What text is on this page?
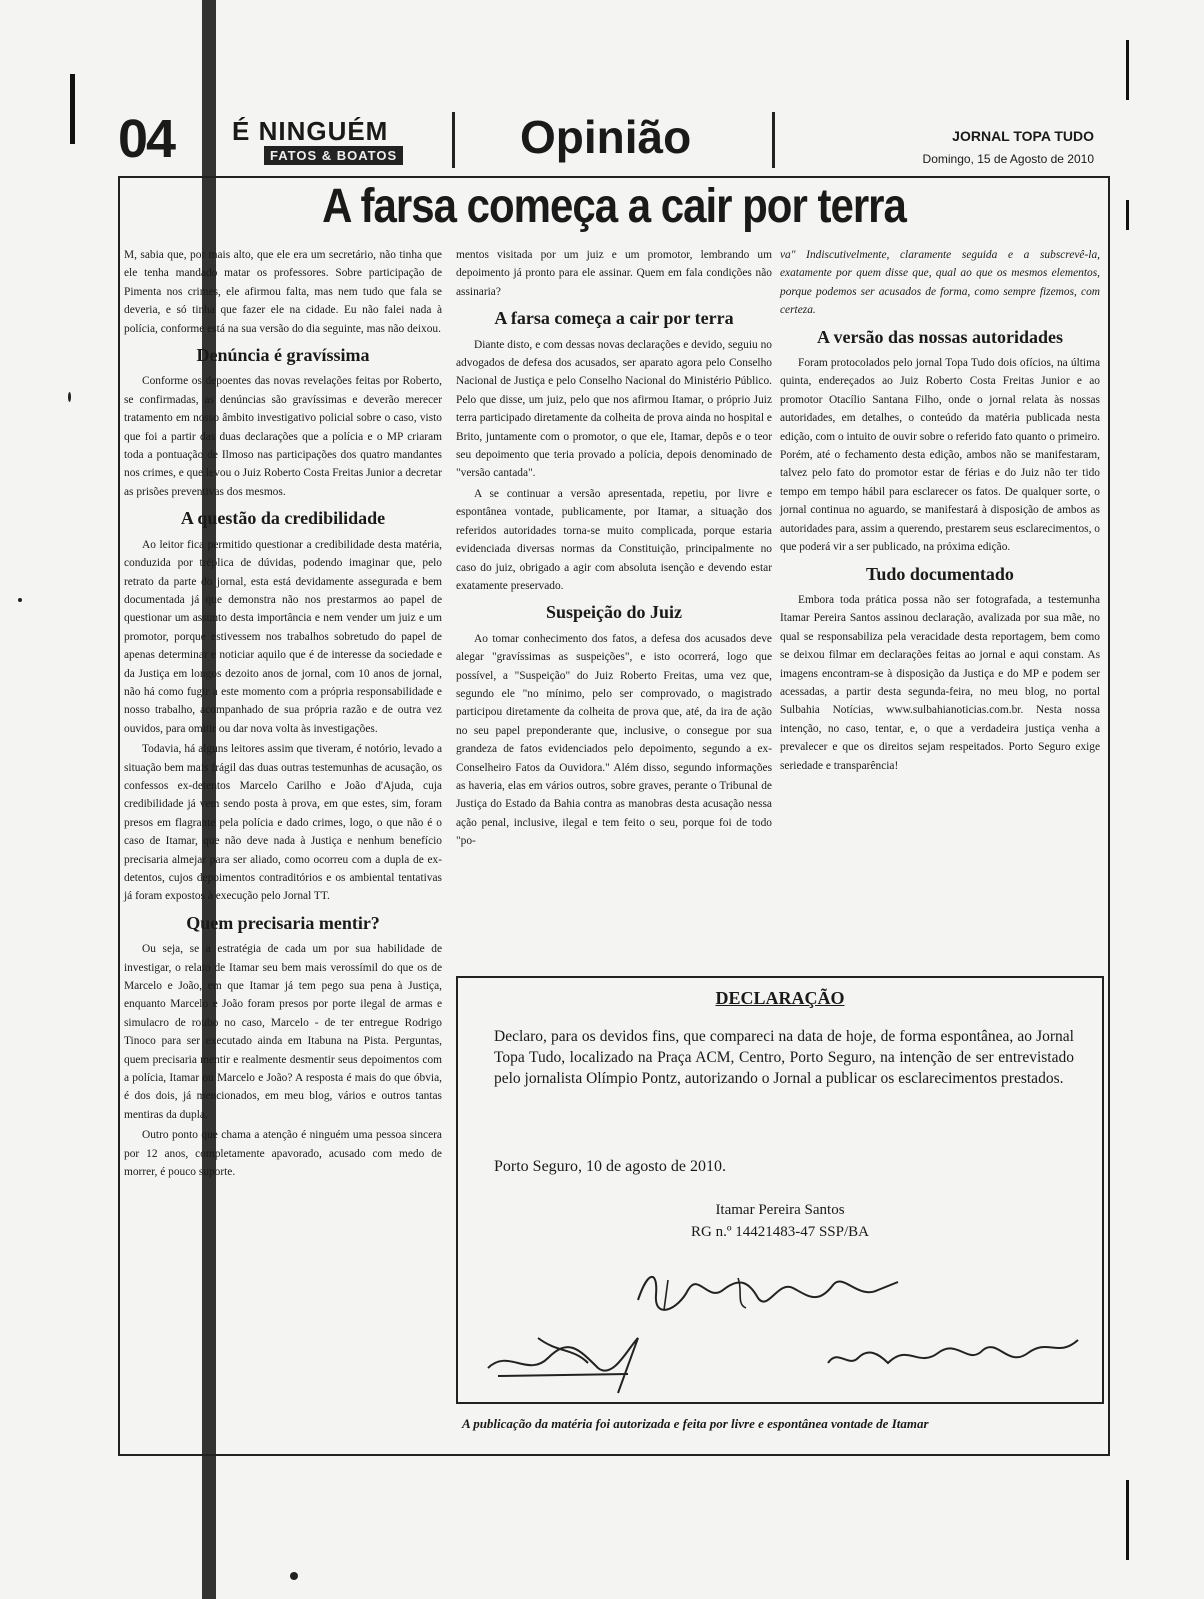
04 É NINGUÉM
FATOS & BOATOS	Opinião	JORNAL TOPA TUDO
Domingo, 15 de Agosto de 2010
A farsa começa a cair por terra

M, sabia que, por mais alto, que ele era um secretário, não tinha que ele tenha mandado matar os professores. Sobre participação de Pimenta nos crimes, ele afirmou falta, mas nem tudo que fala se deveria, e só tinha que fazer ele na cidade. Eu não falei nada à polícia, conforme está na sua versão do dia seguinte, mas não deixou.

Denúncia é gravíssima

Conforme os depoentes das novas revelações feitas por Roberto, se confirmadas, as denúncias são gravíssimas e deverão merecer tratamento em nosso âmbito investigativo policial sobre o caso, visto que foi a partir das duas declarações que a polícia e o MP criaram toda a pontuação de Ilmoso nas participações dos quatro mandantes nos crimes, e que levou o Juiz Roberto Costa Freitas Junior a decretar as prisões preventivas dos mesmos.

A questão da credibilidade

Ao leitor fica permitido questionar a credibilidade desta matéria, conduzida por tréplica de dúvidas, podendo imaginar que, pelo retrato da parte do jornal, esta está devidamente assegurada e bem documentada já que demonstra não nos prestarmos ao papel de questionar um assunto desta importância e nem vender um juiz e um promotor, porque estivessem nos trabalhos sobretudo do papel de apenas determinar e noticiar aquilo que é de interesse da sociedade e da Justiça em longos dezoito anos de jornal, com 10 anos de jornal, não há como fugir a este momento com a própria responsabilidade e nosso trabalho, acompanhado de sua própria razão e de outra vez ouvidos, para omitir ou dar nova volta às investigações.

Todavia, há alguns leitores assim que tiveram, é notório, levado a situação bem mais frágil das duas outras testemunhas de acusação, os confessos ex-detentos Marcelo Carilho e João d'Ajuda, cuja credibilidade já vem sendo posta à prova, em que estes, sim, foram presos em flagrante pela polícia e dado crimes, logo, o que não é o caso de Itamar, que não deve nada à Justiça e nenhum benefício precisaria almejar para ser aliado, como ocorreu com a dupla de ex-detentos, cujos depoimentos contraditórios e os ambiental tentativas já foram expostos à execução pelo Jornal TT.

Quem precisaria mentir?

Ou seja, se a estratégia de cada um por sua habilidade de investigar, o relato de Itamar seu bem mais verossímil do que os de Marcelo e João, em que Itamar já tem pego sua pena à Justiça, enquanto Marcelo e João foram presos por porte ilegal de armas e simulacro de roubo no caso, Marcelo - de ter entregue Rodrigo Tinoco para ser executado ainda em Itabuna na Pista. Perguntas, quem precisaria mentir e realmente desmentir seus depoimentos com a polícia, Itamar ou Marcelo e João? A resposta é mais do que óbvia, é dos dois, já mencionados, em meu blog, vários e outros tantas mentiras da dupla.

Outro ponto que chama a atenção é ninguém uma pessoa sincera por 12 anos, completamente apavorado, acusado com medo de morrer, é pouco suporte.

mentos visitada por um juiz e um promotor, lembrando um depoimento já pronto para ele assinar. Quem em fala condições não assinaria?

A farsa começa a cair por terra

Diante disto, e com dessas novas declarações e devido, seguiu no advogados de defesa dos acusados, ser aparato agora pelo Conselho Nacional de Justiça e pelo Conselho Nacional do Ministério Público. Pelo que disse, um juiz, pelo que nos afirmou Itamar, o próprio Juiz terra participado diretamente da colheita de prova ainda no hospital e Brito, juntamente com o promotor, o que ele, Itamar, depôs e o teor seu depoimento que teria provado a polícia, depois denominado de "versão cantada".

A se continuar a versão apresentada, repetiu, por livre e espontânea vontade, publicamente, por Itamar, a situação dos referidos autoridades torna-se muito complicada, porque estaria evidenciada diversas normas da Constituição, principalmente no caso do juiz, obrigado a agir com absoluta isenção e devendo estar exatamente preservado.

Suspeição do Juiz

Ao tomar conhecimento dos fatos, a defesa dos acusados deve alegar "gravíssimas as suspeições", e isto ocorrerá, logo que possível, a "Suspeição" do Juiz Roberto Freitas, uma vez que, segundo ele "no mínimo, pelo ser comprovado, o magistrado participou diretamente da colheita de prova que, até, da ira de ação no seu papel preponderante que, inclusive, o consegue por sua grandeza de fatos evidenciados pelo depoimento, segundo a ex-Conselheiro Fatos da Ouvidora." Além disso, segundo informações as haveria, elas em vários outros, sobre graves, perante o Tribunal de Justiça do Estado da Bahia contra as manobras desta acusação nessa ação penal, inclusive, ilegal e tem feito o seu, porque foi de todo "po-

va" Indiscutivelmente, claramente seguida e a subscrevê-la, exatamente por quem disse que, qual ao que os mesmos elementos, porque podemos ser acusados de forma, como sempre fizemos, com certeza.

A versão das nossas autoridades

Foram protocolados pelo jornal Topa Tudo dois ofícios, na última quinta, endereçados ao Juiz Roberto Costa Freitas Junior e ao promotor Otacílio Santana Filho, onde o jornal relata às nossas autoridades, em detalhes, o conteúdo da matéria publicada nesta edição, com o intuito de ouvir sobre o referido fato quanto o primeiro. Porém, até o fechamento desta edição, ambos não se manifestaram, talvez pelo fato do promotor estar de férias e do Juiz não ter tido tempo em tempo hábil para esclarecer os fatos. De qualquer sorte, o jornal continua no aguardo, se manifestará à disposição de ambos as autoridades para, assim a querendo, prestarem seus esclarecimentos, o que poderá vir a ser publicado, na próxima edição.

Tudo documentado

Embora toda prática possa não ser fotografada, a testemunha Itamar Pereira Santos assinou declaração, avalizada por sua mãe, no qual se responsabiliza pela veracidade desta reportagem, bem como se deixou filmar em declarações feitas ao jornal e aqui constam. As imagens encontram-se à disposição da Justiça e do MP e podem ser acessadas, a partir desta segunda-feira, no meu blog, no portal Sulbahia Notícias, www.sulbahianoticias.com.br. Nesta nossa intenção, no caso, tentar, e, o que a verdadeira justiça venha a prevalecer e que os direitos sejam respeitados. Porto Seguro exige seriedade e transparência!

DECLARAÇÃO
Declaro, para os devidos fins, que compareci na data de hoje, de forma espontânea, ao Jornal Topa Tudo, localizado na Praça ACM, Centro, Porto Seguro, na intenção de ser entrevistado pelo jornalista Olímpio Pontz, autorizando o Jornal a publicar os esclarecimentos prestados.
Porto Seguro, 10 de agosto de 2010.
Itamar Pereira Santos
RG n.º 14421483-47 SSP/BA
A publicação da matéria foi autorizada e feita por livre e espontânea vontade de Itamar
